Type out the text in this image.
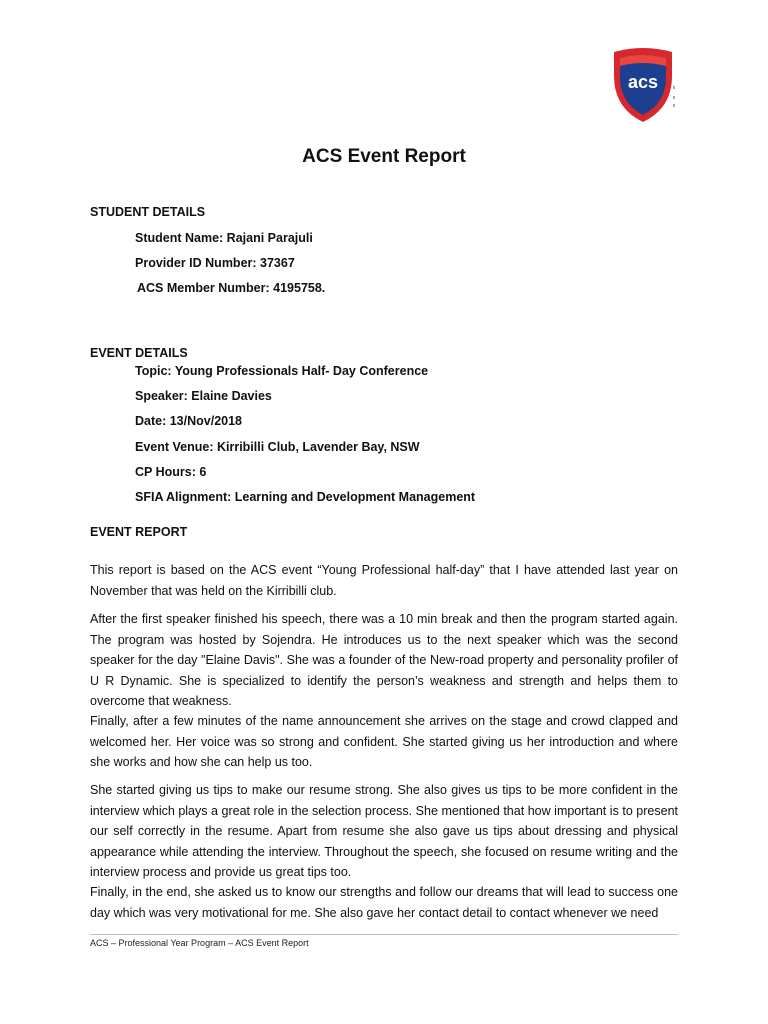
acs
ACS Event Report
STUDENT DETAILS
Student Name: Rajani Parajuli
Provider ID Number: 37367
ACS Member Number: 4195758.
EVENT DETAILS
Topic: Young Professionals Half- Day Conference
Speaker: Elaine Davies
Date: 13/Nov/2018
Event Venue: Kirribilli Club, Lavender Bay, NSW
CP Hours: 6
SFIA Alignment: Learning and Development Management
EVENT REPORT

This report is based on the ACS event “Young Professional half-day” that I have attended last year on November that was held on the Kirribilli club.

After the first speaker finished his speech, there was a 10 min break and then the program started again. The program was hosted by Sojendra. He introduces us to the next speaker which was the second speaker for the day "Elaine Davis". She was a founder of the New-road property and personality profiler of U R Dynamic. She is specialized to identify the person’s weakness and strength and helps them to overcome that weakness.

Finally, after a few minutes of the name announcement she arrives on the stage and crowd clapped and welcomed her. Her voice was so strong and confident. She started giving us her introduction and where she works and how she can help us too.

She started giving us tips to make our resume strong. She also gives us tips to be more confident in the interview which plays a great role in the selection process. She mentioned that how important is to present our self correctly in the resume. Apart from resume she also gave us tips about dressing and physical appearance while attending the interview. Throughout the speech, she focused on resume writing and the interview process and provide us great tips too.

Finally, in the end, she asked us to know our strengths and follow our dreams that will lead to success one day which was very motivational for me. She also gave her contact detail to contact whenever we need

ACS – Professional Year Program – ACS Event Report
